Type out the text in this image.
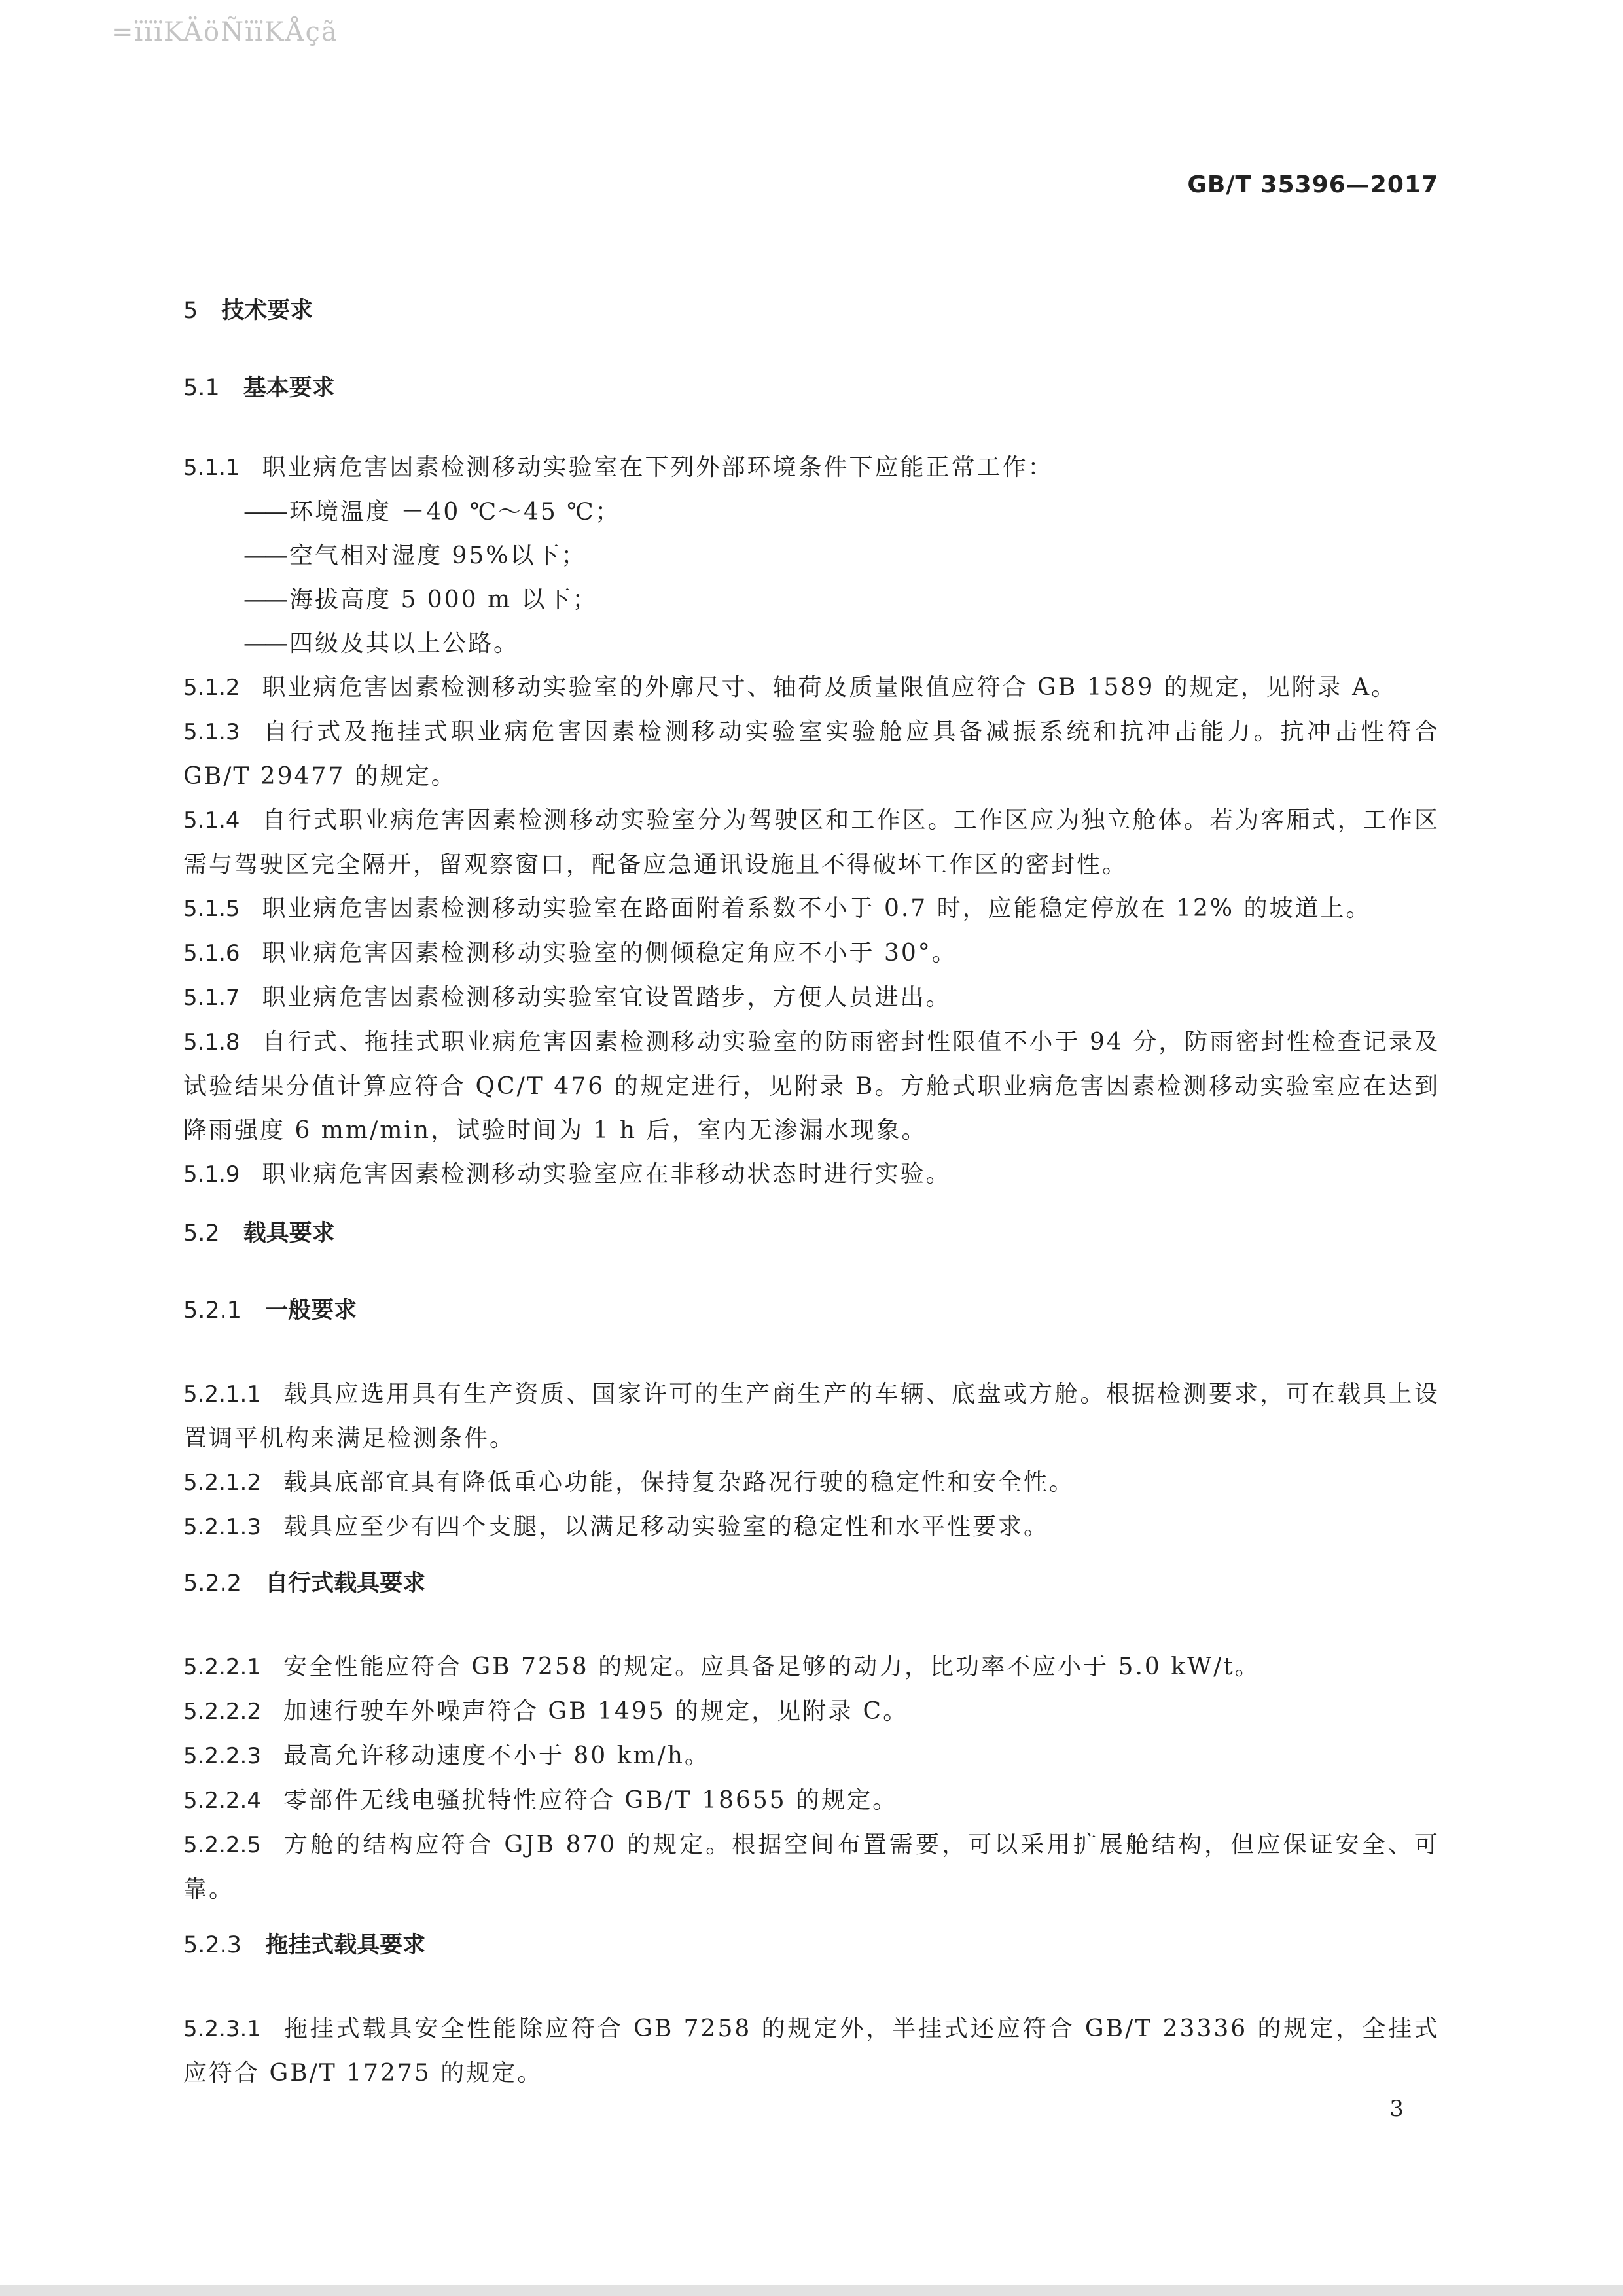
=ïïïKÄöÑïïKÅçã
GB/T 35396—2017
5 技术要求
5.1 基本要求
5.1.1 职业病危害因素检测移动实验室在下列外部环境条件下应能正常工作：
—— 环境温度 －40 ℃～45 ℃；
—— 空气相对湿度 95%以下；
—— 海拔高度 5 000 m 以下；
—— 四级及其以上公路。
5.1.2 职业病危害因素检测移动实验室的外廓尺寸、轴荷及质量限值应符合 GB 1589 的规定，见附录 A。
5.1.3 自行式及拖挂式职业病危害因素检测移动实验室实验舱应具备减振系统和抗冲击能力。抗冲击性符合 GB/T 29477 的规定。
5.1.4 自行式职业病危害因素检测移动实验室分为驾驶区和工作区。工作区应为独立舱体。若为客厢式，工作区需与驾驶区完全隔开，留观察窗口，配备应急通讯设施且不得破坏工作区的密封性。
5.1.5 职业病危害因素检测移动实验室在路面附着系数不小于 0.7 时，应能稳定停放在 12% 的坡道上。
5.1.6 职业病危害因素检测移动实验室的侧倾稳定角应不小于 30°。
5.1.7 职业病危害因素检测移动实验室宜设置踏步，方便人员进出。
5.1.8 自行式、拖挂式职业病危害因素检测移动实验室的防雨密封性限值不小于 94 分，防雨密封性检查记录及试验结果分值计算应符合 QC/T 476 的规定进行，见附录 B。方舱式职业病危害因素检测移动实验室应在达到降雨强度 6 mm/min，试验时间为 1 h 后，室内无渗漏水现象。
5.1.9 职业病危害因素检测移动实验室应在非移动状态时进行实验。
5.2 载具要求
5.2.1 一般要求
5.2.1.1 载具应选用具有生产资质、国家许可的生产商生产的车辆、底盘或方舱。根据检测要求，可在载具上设置调平机构来满足检测条件。
5.2.1.2 载具底部宜具有降低重心功能，保持复杂路况行驶的稳定性和安全性。
5.2.1.3 载具应至少有四个支腿，以满足移动实验室的稳定性和水平性要求。
5.2.2 自行式载具要求
5.2.2.1 安全性能应符合 GB 7258 的规定。应具备足够的动力，比功率不应小于 5.0 kW/t。
5.2.2.2 加速行驶车外噪声符合 GB 1495 的规定，见附录 C。
5.2.2.3 最高允许移动速度不小于 80 km/h。
5.2.2.4 零部件无线电骚扰特性应符合 GB/T 18655 的规定。
5.2.2.5 方舱的结构应符合 GJB 870 的规定。根据空间布置需要，可以采用扩展舱结构，但应保证安全、可靠。
5.2.3 拖挂式载具要求
5.2.3.1 拖挂式载具安全性能除应符合 GB 7258 的规定外，半挂式还应符合 GB/T 23336 的规定，全挂式应符合 GB/T 17275 的规定。
3
